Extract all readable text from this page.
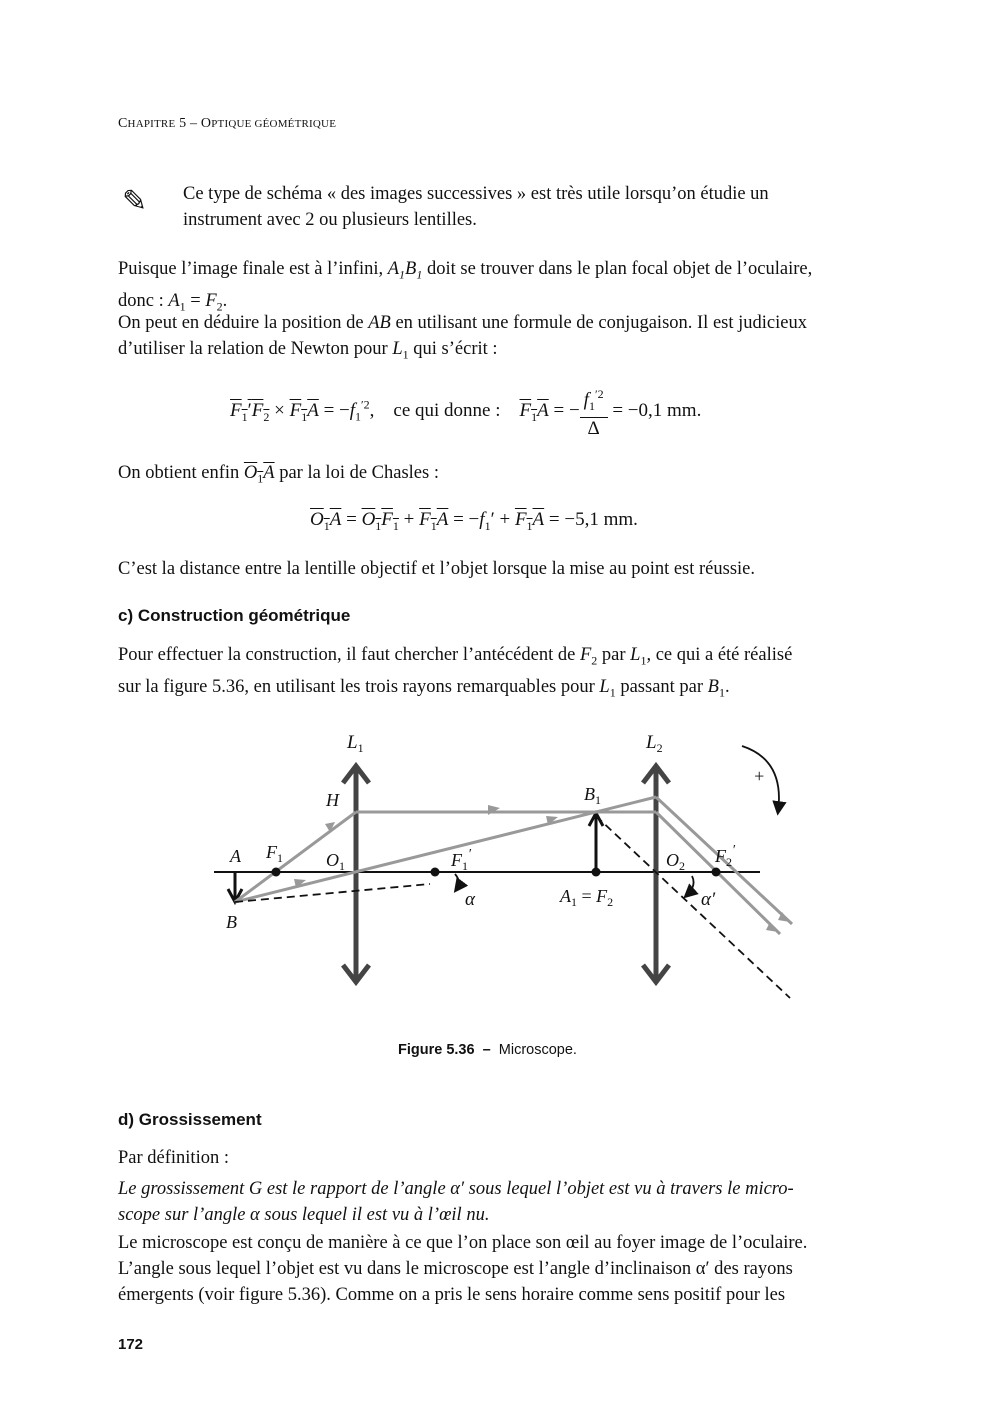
CHAPITRE 5 – OPTIQUE GÉOMÉTRIQUE
✎ Ce type de schéma « des images successives » est très utile lorsqu’on étudie un
instrument avec 2 ou plusieurs lentilles.
Puisque l’image finale est à l’infini, $A_1B_1$ doit se trouver dans le plan focal objet de l’oculaire,
donc : $A_1 = F_2$.
On peut en déduire la position de AB en utilisant une formule de conjugaison. Il est judicieux
d’utiliser la relation de Newton pour $L_1$ qui s’écrit :
$F_1'F_2 \times F_1A = -f_1^{'2}$,    ce qui donne : $F_1A$ = − $\frac{f_1^{'2}}{\Delta} = -0,1$ mm.
On obtient enfin $O_1A$ par la loi de Chasles :
$O_1A = O_1F_1 + F_1A = -f_1' + F_1A = -5,1$ mm.
C’est la distance entre la lentille objectif et l’objet lorsque la mise au point est réussie.
c) Construction géométrique
Pour effectuer la construction, il faut chercher l’antécédent de $F_2$ par $L_1$, ce qui a été réalisé
sur la figure 5.36, en utilisant les trois rayons remarquables pour $L_1$ passant par $B_1$.
$L_1$	$L_2$
H	$B_1$
A $F_1$ $O_1$	$F_1'$	$O_2$ $F_2'$
B
α	$A_1 = F_2$	α′
+
Figure 5.36 – Microscope.
d) Grossissement
Par définition :
Le grossissement G est le rapport de l’angle α′ sous lequel l’objet est vu à travers le micro-
scope sur l’angle α sous lequel il est vu à l’œil nu.
Le microscope est conçu de manière à ce que l’on place son œil au foyer image de l’oculaire.
L’angle sous lequel l’objet est vu dans le microscope est l’angle d’inclinaison α′ des rayons
émergents (voir figure 5.36). Comme on a pris le sens horaire comme sens positif pour les
172
